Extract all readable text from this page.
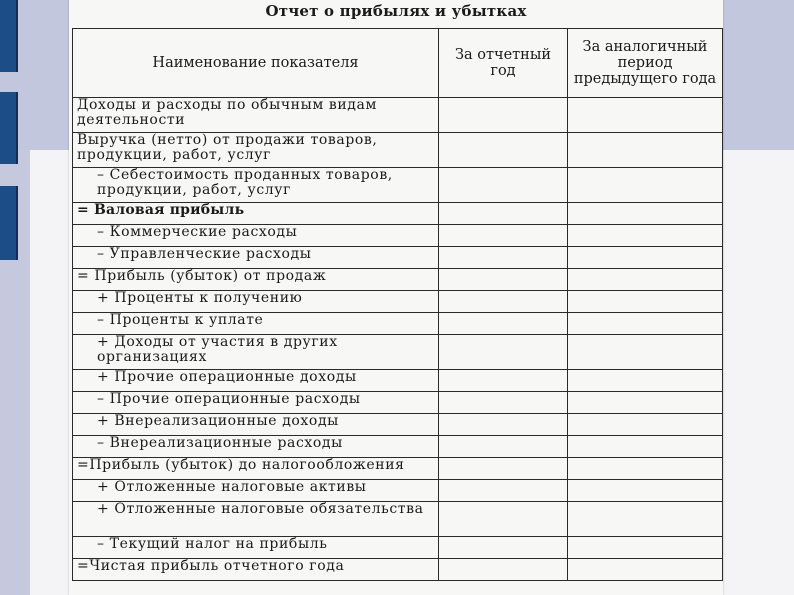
Отчет о прибылях и убытках
Наименование показателя	За отчетный год	За аналогичный период предыдущего года
Доходы и расходы по обычным видам деятельности		
Выручка (нетто) от продажи товаров, продукции, работ, услуг		
– Себестоимость проданных товаров, продукции, работ, услуг		
= Валовая прибыль		
– Коммерческие расходы		
– Управленческие расходы		
= Прибыль (убыток) от продаж		
+ Проценты к получению		
– Проценты к уплате		
+ Доходы от участия в других организациях		
+ Прочие операционные доходы		
– Прочие операционные расходы		
+ Внереализационные доходы		
– Внереализационные расходы		
=Прибыль (убыток) до налогообложения		
+ Отложенные налоговые активы		
+ Отложенные налоговые обязательства		
– Текущий налог на прибыль		
=Чистая прибыль отчетного года		
